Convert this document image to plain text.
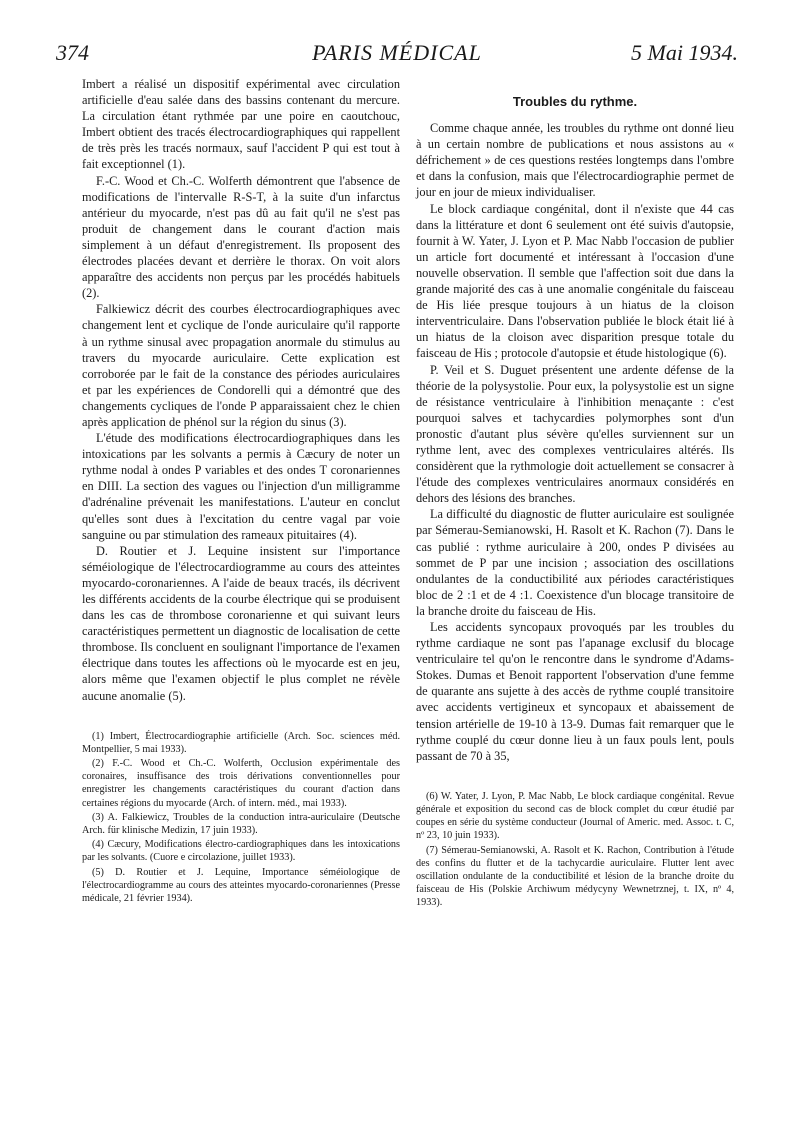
374	PARIS MÉDICAL	5 Mai 1934.

Imbert a réalisé un dispositif expérimental avec circulation artificielle d'eau salée dans des bassins contenant du mercure. La circulation étant rythmée par une poire en caoutchouc, Imbert obtient des tracés électrocardiographiques qui rappellent de très près les tracés normaux, sauf l'accident P qui est tout à fait exceptionnel (1).

F.-C. Wood et Ch.-C. Wolferth démontrent que l'absence de modifications de l'intervalle R-S-T, à la suite d'un infarctus antérieur du myocarde, n'est pas dû au fait qu'il ne s'est pas produit de changement dans le courant d'action mais simplement à un défaut d'enregistrement. Ils proposent des électrodes placées devant et derrière le thorax. On voit alors apparaître des accidents non perçus par les procédés habituels (2).

Falkiewicz décrit des courbes électrocardiographiques avec changement lent et cyclique de l'onde auriculaire qu'il rapporte à un rythme sinusal avec propagation anormale du stimulus au travers du myocarde auriculaire. Cette explication est corroborée par le fait de la constance des périodes auriculaires et par les expériences de Condorelli qui a démontré que des changements cycliques de l'onde P apparaissaient chez le chien après application de phénol sur la région du sinus (3).

L'étude des modifications électrocardiographiques dans les intoxications par les solvants a permis à Cæcury de noter un rythme nodal à ondes P variables et des ondes T coronariennes en DIII. La section des vagues ou l'injection d'un milligramme d'adrénaline prévenait les manifestations. L'auteur en conclut qu'elles sont dues à l'excitation du centre vagal par voie sanguine ou par stimulation des rameaux pituitaires (4).

D. Routier et J. Lequine insistent sur l'importance séméiologique de l'électrocardiogramme au cours des atteintes myocardo-coronariennes. A l'aide de beaux tracés, ils décrivent les différents accidents de la courbe électrique qui se produisent dans les cas de thrombose coronarienne et qui suivant leurs caractéristiques permettent un diagnostic de localisation de cette thrombose. Ils concluent en soulignant l'importance de l'examen électrique dans toutes les affections où le myocarde est en jeu, alors même que l'examen objectif le plus complet ne révèle aucune anomalie (5).

(1) Imbert, Électrocardiographie artificielle (Arch. Soc. sciences méd. Montpellier, 5 mai 1933).

(2) F.-C. Wood et Ch.-C. Wolferth, Occlusion expérimentale des coronaires, insuffisance des trois dérivations conventionnelles pour enregistrer les changements caractéristiques du courant d'action dans certaines régions du myocarde (Arch. of intern. méd., mai 1933).

(3) A. Falkiewicz, Troubles de la conduction intra-auriculaire (Deutsche Arch. für klinische Medizin, 17 juin 1933).

(4) Cæcury, Modifications électro-cardiographiques dans les intoxications par les solvants. (Cuore e circolazione, juillet 1933).

(5) D. Routier et J. Lequine, Importance séméiologique de l'électrocardiogramme au cours des atteintes myocardo-coronariennes (Presse médicale, 21 février 1934).

Troubles du rythme.

Comme chaque année, les troubles du rythme ont donné lieu à un certain nombre de publications et nous assistons au « défrichement » de ces questions restées longtemps dans l'ombre et dans la confusion, mais que l'électrocardiographie permet de jour en jour de mieux individualiser.

Le block cardiaque congénital, dont il n'existe que 44 cas dans la littérature et dont 6 seulement ont été suivis d'autopsie, fournit à W. Yater, J. Lyon et P. Mac Nabb l'occasion de publier un article fort documenté et intéressant à l'occasion d'une nouvelle observation. Il semble que l'affection soit due dans la grande majorité des cas à une anomalie congénitale du faisceau de His liée presque toujours à un hiatus de la cloison interventriculaire. Dans l'observation publiée le block était lié à un hiatus de la cloison avec disparition presque totale du faisceau de His ; protocole d'autopsie et étude histologique (6).

P. Veil et S. Duguet présentent une ardente défense de la théorie de la polysystolie. Pour eux, la polysystolie est un signe de résistance ventriculaire à l'inhibition menaçante : c'est pourquoi salves et tachycardies polymorphes sont d'un pronostic d'autant plus sévère qu'elles surviennent sur un rythme lent, avec des complexes ventriculaires altérés. Ils considèrent que la rythmologie doit actuellement se consacrer à l'étude des complexes ventriculaires anormaux considérés en dehors des lésions des branches.

La difficulté du diagnostic de flutter auriculaire est soulignée par Sémerau-Semianowski, H. Rasolt et K. Rachon (7). Dans le cas publié : rythme auriculaire à 200, ondes P divisées au sommet de P par une incision ; association des oscillations ondulantes de la conductibilité aux périodes caractéristiques bloc de 2 :1 et de 4 :1. Coexistence d'un blocage transitoire de la branche droite du faisceau de His.

Les accidents syncopaux provoqués par les troubles du rythme cardiaque ne sont pas l'apanage exclusif du blocage ventriculaire tel qu'on le rencontre dans le syndrome d'Adams-Stokes. Dumas et Benoit rapportent l'observation d'une femme de quarante ans sujette à des accès de rythme couplé transitoire avec accidents vertigineux et syncopaux et abaissement de tension artérielle de 19-10 à 13-9. Dumas fait remarquer que le rythme couplé du cœur donne lieu à un faux pouls lent, pouls passant de 70 à 35,

(6) W. Yater, J. Lyon, P. Mac Nabb, Le block cardiaque congénital. Revue générale et exposition du second cas de block complet du cœur étudié par coupes en série du système conducteur (Journal of Americ. med. Assoc. t. C, nº 23, 10 juin 1933).

(7) Sémerau-Semianowski, A. Rasolt et K. Rachon, Contribution à l'étude des confins du flutter et de la tachycardie auriculaire. Flutter lent avec oscillation ondulante de la conductibilité et lésion de la branche droite du faisceau de His (Polskie Archiwum médycyny Wewnetrznej, t. IX, nº 4, 1933).
